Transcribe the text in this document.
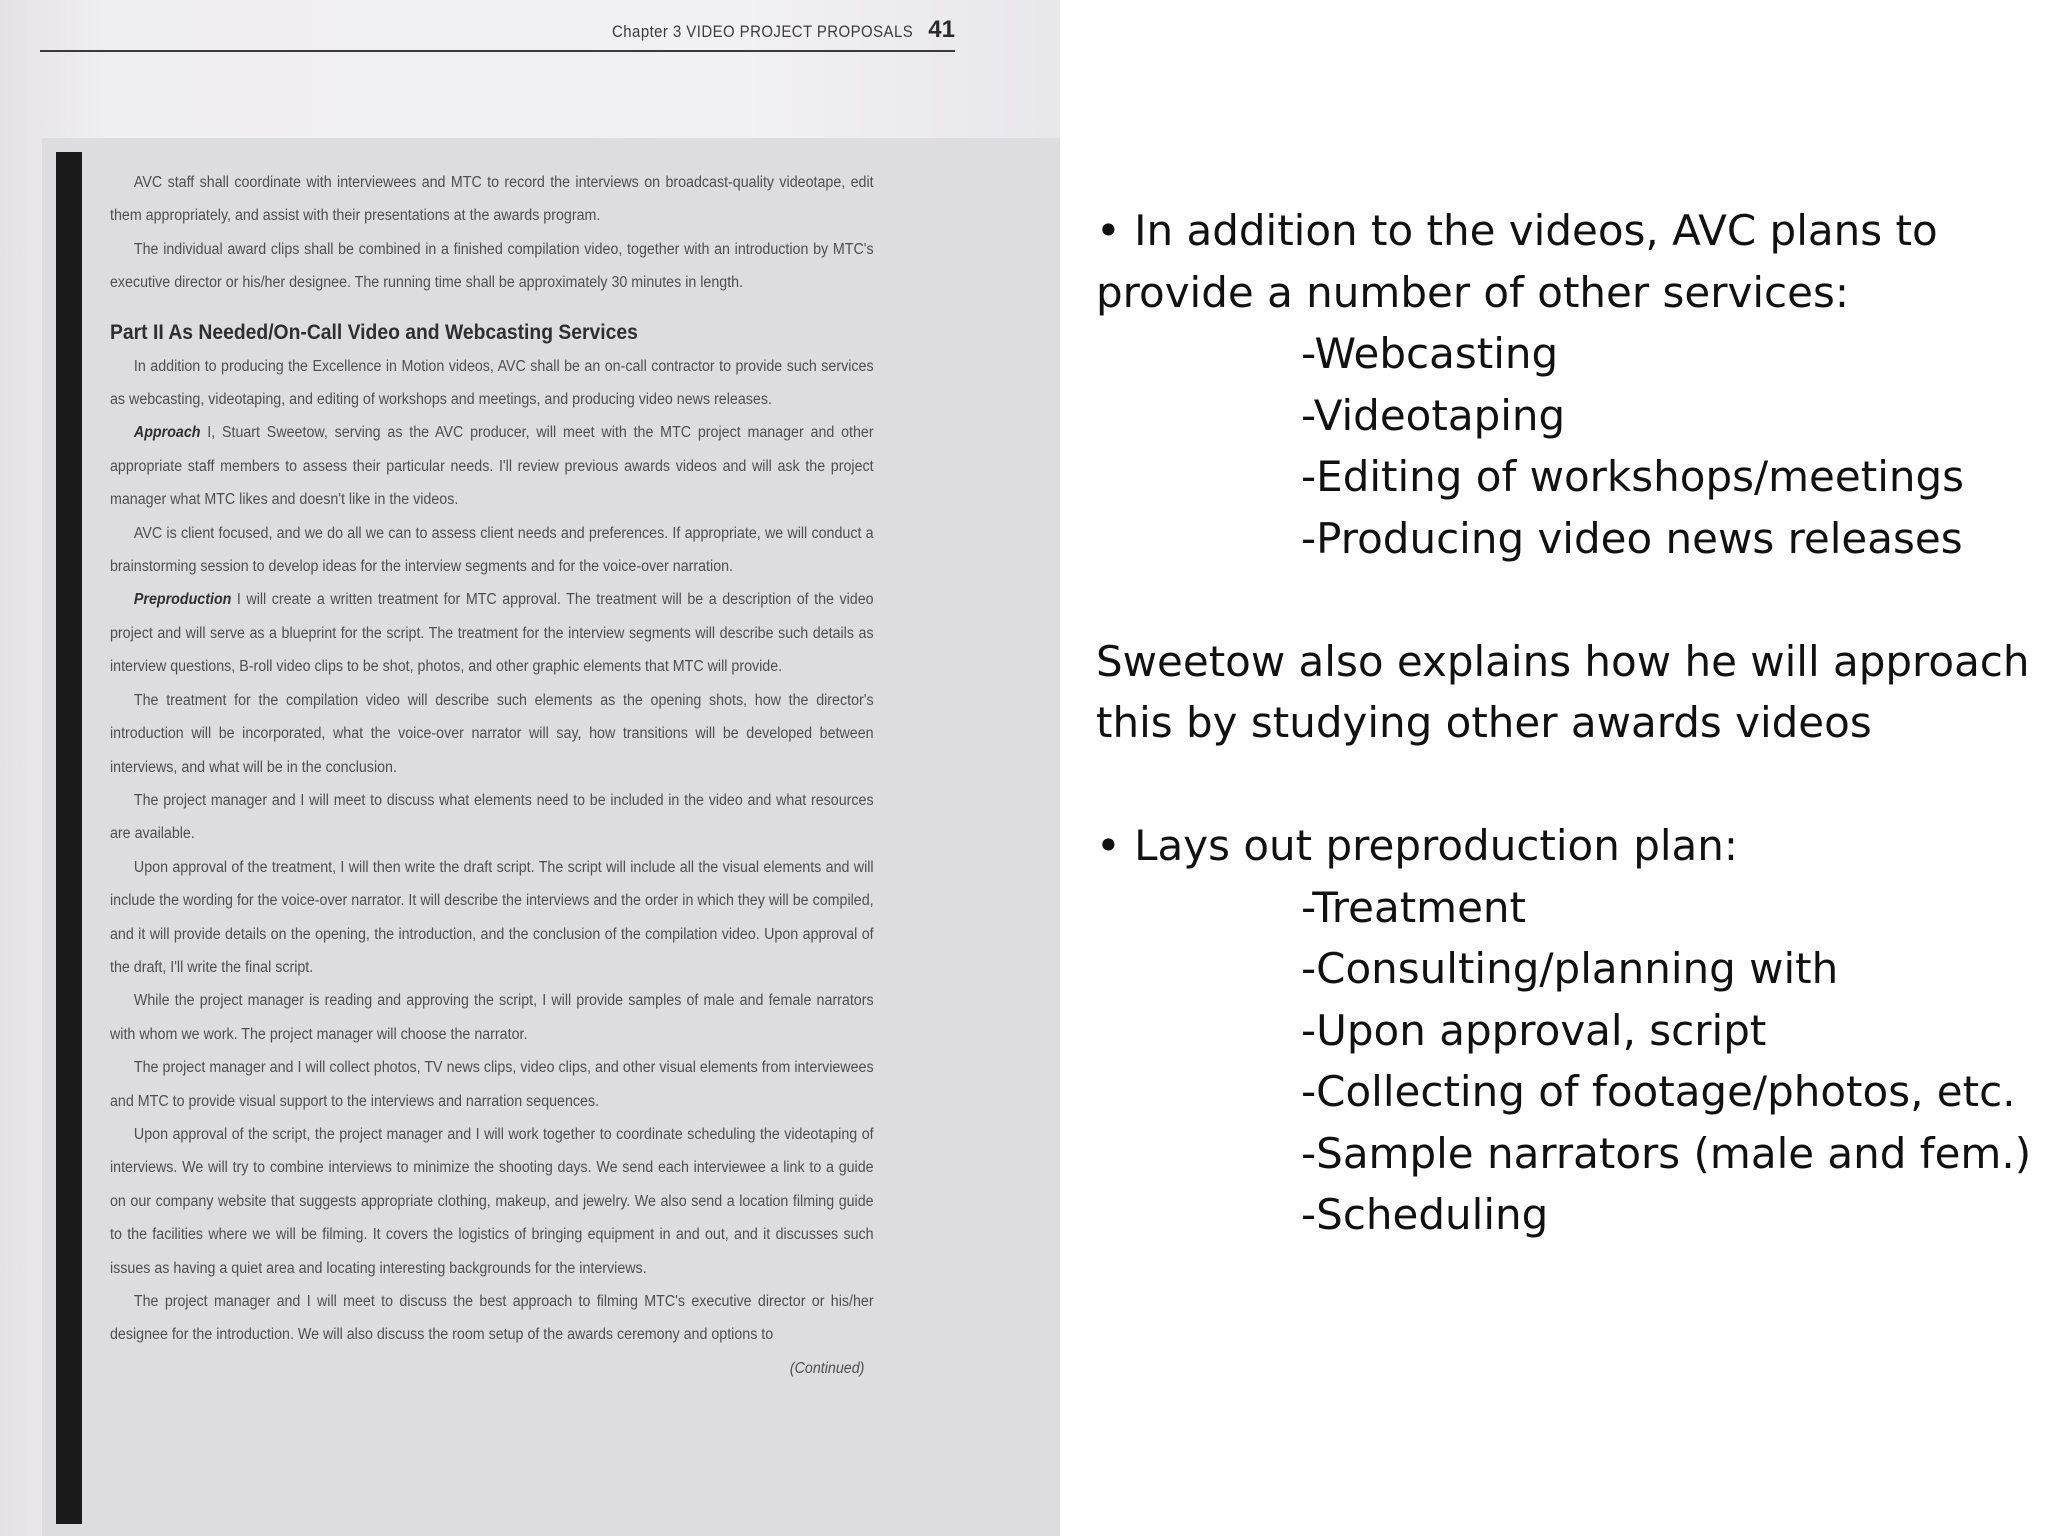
Chapter 3 VIDEO PROJECT PROPOSALS 41

AVC staff shall coordinate with interviewees and MTC to record the interviews on broadcast-quality videotape, edit them appropriately, and assist with their presentations at the awards program.

The individual award clips shall be combined in a finished compilation video, together with an introduction by MTC's executive director or his/her designee. The running time shall be approximately 30 minutes in length.

Part II As Needed/On-Call Video and Webcasting Services

In addition to producing the Excellence in Motion videos, AVC shall be an on-call contractor to provide such services as webcasting, videotaping, and editing of workshops and meetings, and producing video news releases.

Approach I, Stuart Sweetow, serving as the AVC producer, will meet with the MTC project manager and other appropriate staff members to assess their particular needs. I'll review previous awards videos and will ask the project manager what MTC likes and doesn't like in the videos.

AVC is client focused, and we do all we can to assess client needs and preferences. If appropriate, we will conduct a brainstorming session to develop ideas for the interview segments and for the voice-over narration.

Preproduction I will create a written treatment for MTC approval. The treatment will be a description of the video project and will serve as a blueprint for the script. The treatment for the interview segments will describe such details as interview questions, B-roll video clips to be shot, photos, and other graphic elements that MTC will provide.

The treatment for the compilation video will describe such elements as the opening shots, how the director's introduction will be incorporated, what the voice-over narrator will say, how transitions will be developed between interviews, and what will be in the conclusion.

The project manager and I will meet to discuss what elements need to be included in the video and what resources are available.

Upon approval of the treatment, I will then write the draft script. The script will include all the visual elements and will include the wording for the voice-over narrator. It will describe the interviews and the order in which they will be compiled, and it will provide details on the opening, the introduction, and the conclusion of the compilation video. Upon approval of the draft, I'll write the final script.

While the project manager is reading and approving the script, I will provide samples of male and female narrators with whom we work. The project manager will choose the narrator.

The project manager and I will collect photos, TV news clips, video clips, and other visual elements from interviewees and MTC to provide visual support to the interviews and narration sequences.

Upon approval of the script, the project manager and I will work together to coordinate scheduling the videotaping of interviews. We will try to combine interviews to minimize the shooting days. We send each interviewee a link to a guide on our company website that suggests appropriate clothing, makeup, and jewelry. We also send a location filming guide to the facilities where we will be filming. It covers the logistics of bringing equipment in and out, and it discusses such issues as having a quiet area and locating interesting backgrounds for the interviews.

The project manager and I will meet to discuss the best approach to filming MTC's executive director or his/her designee for the introduction. We will also discuss the room setup of the awards ceremony and options to

(Continued)
• In addition to the videos, AVC plans to
provide a number of other services:
-Webcasting
-Videotaping
-Editing of workshops/meetings
-Producing video news releases
Sweetow also explains how he will approach
this by studying other awards videos
• Lays out preproduction plan:
-Treatment
-Consulting/planning with
-Upon approval, script
-Collecting of footage/photos, etc.
-Sample narrators (male and fem.)
-Scheduling
